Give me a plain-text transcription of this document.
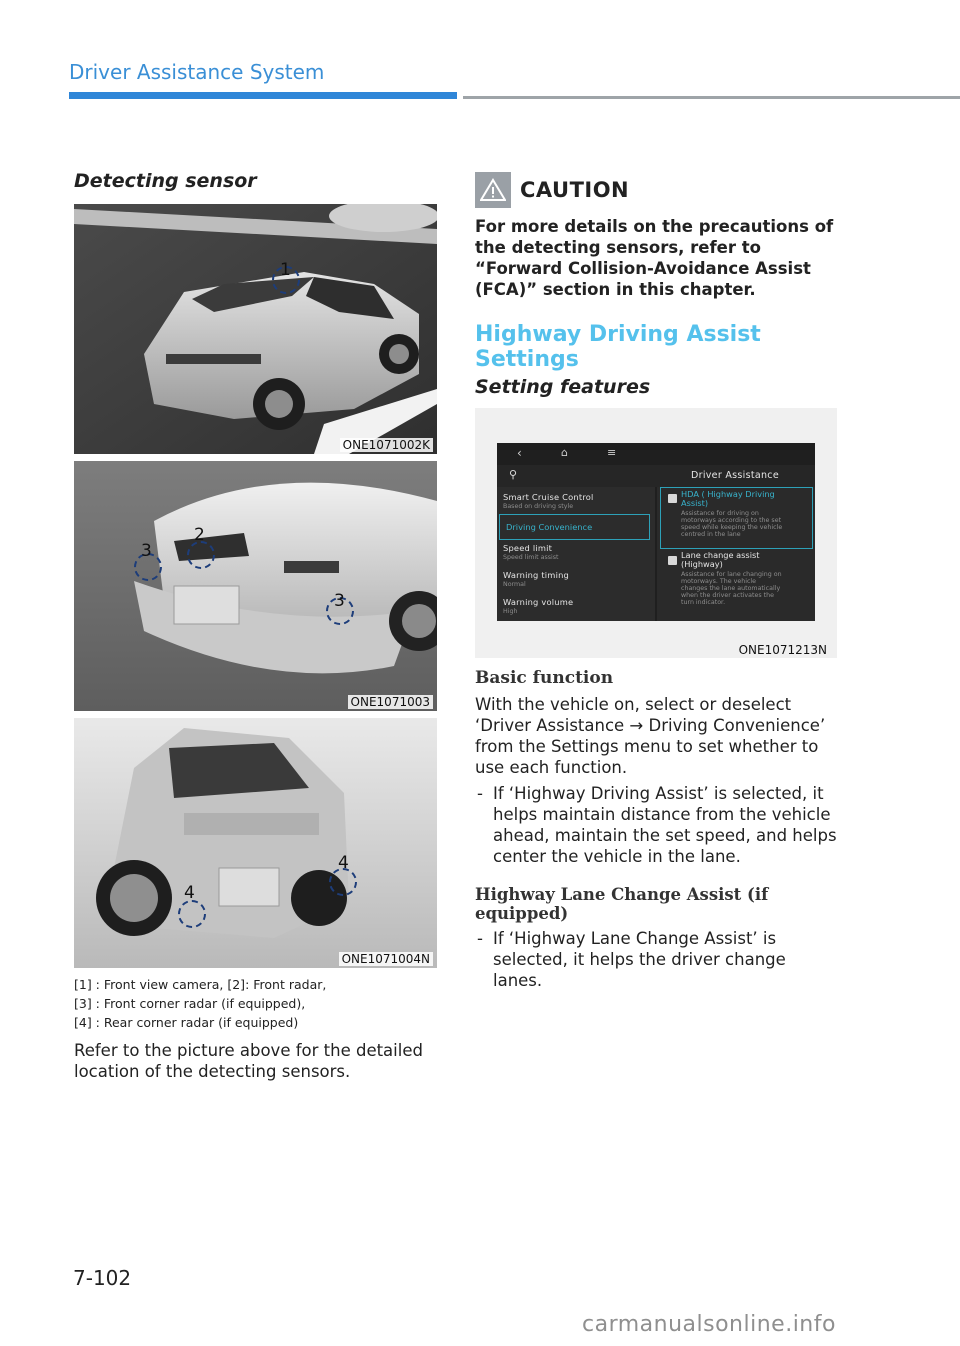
Driver Assistance System
Detecting sensor
1
ONE1071002K
2
3
3
ONE1071003
4
4
ONE1071004N
[1] : Front view camera, [2]: Front radar,
[3] : Front corner radar (if equipped),
[4] : Rear corner radar (if equipped)
Refer to the picture above for the detailed location of the detecting sensors.
CAUTION
For more details on the precautions of the detecting sensors, refer to “Forward Collision-Avoidance Assist (FCA)” section in this chapter.
Highway Driving Assist Settings
Setting features
‹	⌂	≡
⚲	Driver Assistance
Smart Cruise Control
Based on driving style
Driving Convenience
Speed limit
Speed limit assist
Warning timing
Normal
Warning volume
High
HDA ( Highway Driving
Assist)
Assistance for driving on
motorways according to the set
speed while keeping the vehicle
centred in the lane
Lane change assist
(Highway)
Assistance for lane changing on
motorways. The vehicle
changes the lane automatically
when the driver activates the
turn indicator.
ONE1071213N
Basic function
With the vehicle on, select or deselect ‘Driver Assistance → Driving Convenience’ from the Settings menu to set whether to use each function.
- If ‘Highway Driving Assist’ is selected, it helps maintain distance from the vehicle ahead, maintain the set speed, and helps center the vehicle in the lane.
Highway Lane Change Assist (if equipped)
- If ‘Highway Lane Change Assist’ is selected, it helps the driver change lanes.
7-102
carmanualsonline.info
